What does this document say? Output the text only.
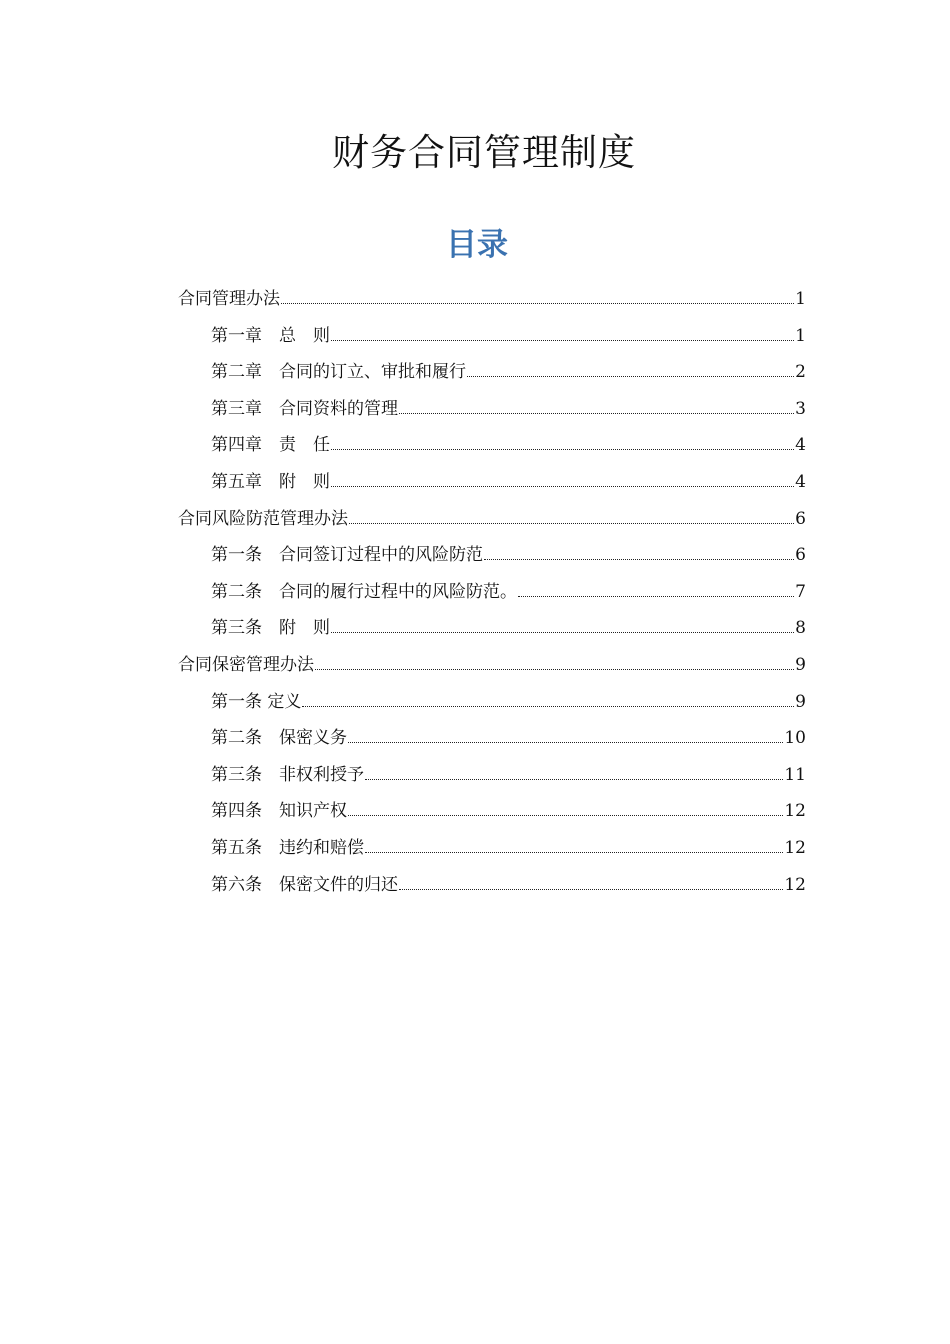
财务合同管理制度
目录
合同管理办法	1
第一章　总　则	1
第二章　合同的订立、审批和履行	2
第三章　合同资料的管理	3
第四章　责　任	4
第五章　附　则	4
合同风险防范管理办法	6
第一条　合同签订过程中的风险防范	6
第二条　合同的履行过程中的风险防范。	7
第三条　附　则	8
合同保密管理办法	9
第一条 定义	9
第二条　保密义务	10
第三条　非权利授予	11
第四条　知识产权	12
第五条　违约和赔偿	12
第六条　保密文件的归还	12
